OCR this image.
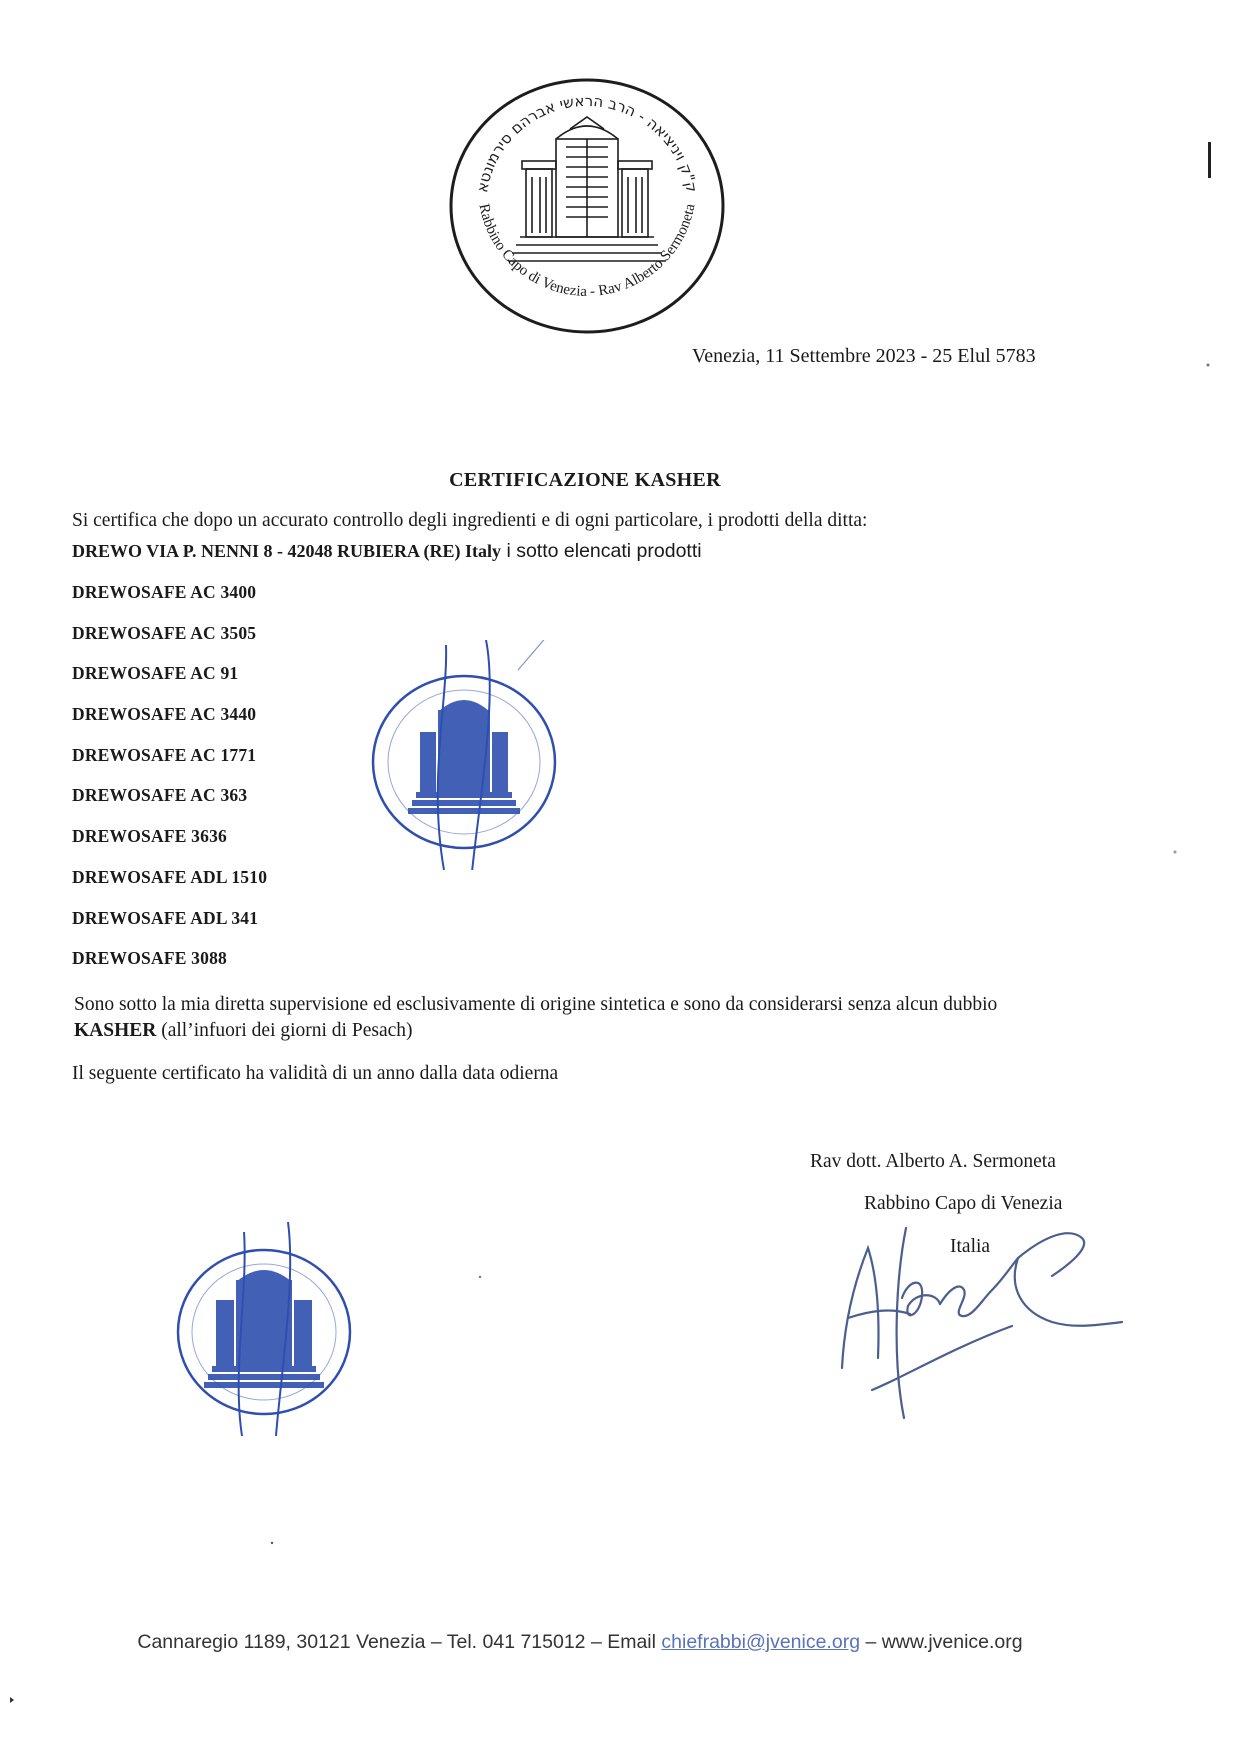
ק"ק ויניציאה - הרב הראשי אברהם סירמונטא
Rabbino Capo di Venezia - Rav Alberto Sermoneta
Venezia, 11 Settembre 2023 - 25 Elul 5783
CERTIFICAZIONE KASHER
Si certifica che dopo un accurato controllo degli ingredienti e di ogni particolare, i prodotti della ditta:
DREWO VIA P. NENNI 8 - 42048 RUBIERA (RE) Italy i sotto elencati prodotti
DREWOSAFE AC 3400
DREWOSAFE AC 3505
DREWOSAFE AC 91
DREWOSAFE AC 3440
DREWOSAFE AC 1771
DREWOSAFE AC 363
DREWOSAFE 3636
DREWOSAFE ADL 1510
DREWOSAFE ADL 341
DREWOSAFE 3088
Sono sotto la mia diretta supervisione ed esclusivamente di origine sintetica e sono da considerarsi senza alcun dubbio KASHER (all’infuori dei giorni di Pesach)
Il seguente certificato ha validità di un anno dalla data odierna
Rav dott. Alberto A. Sermoneta
Rabbino Capo di Venezia
Italia
Cannaregio 1189, 30121 Venezia – Tel. 041 715012 – Email chiefrabbi@jvenice.org – www.jvenice.org
